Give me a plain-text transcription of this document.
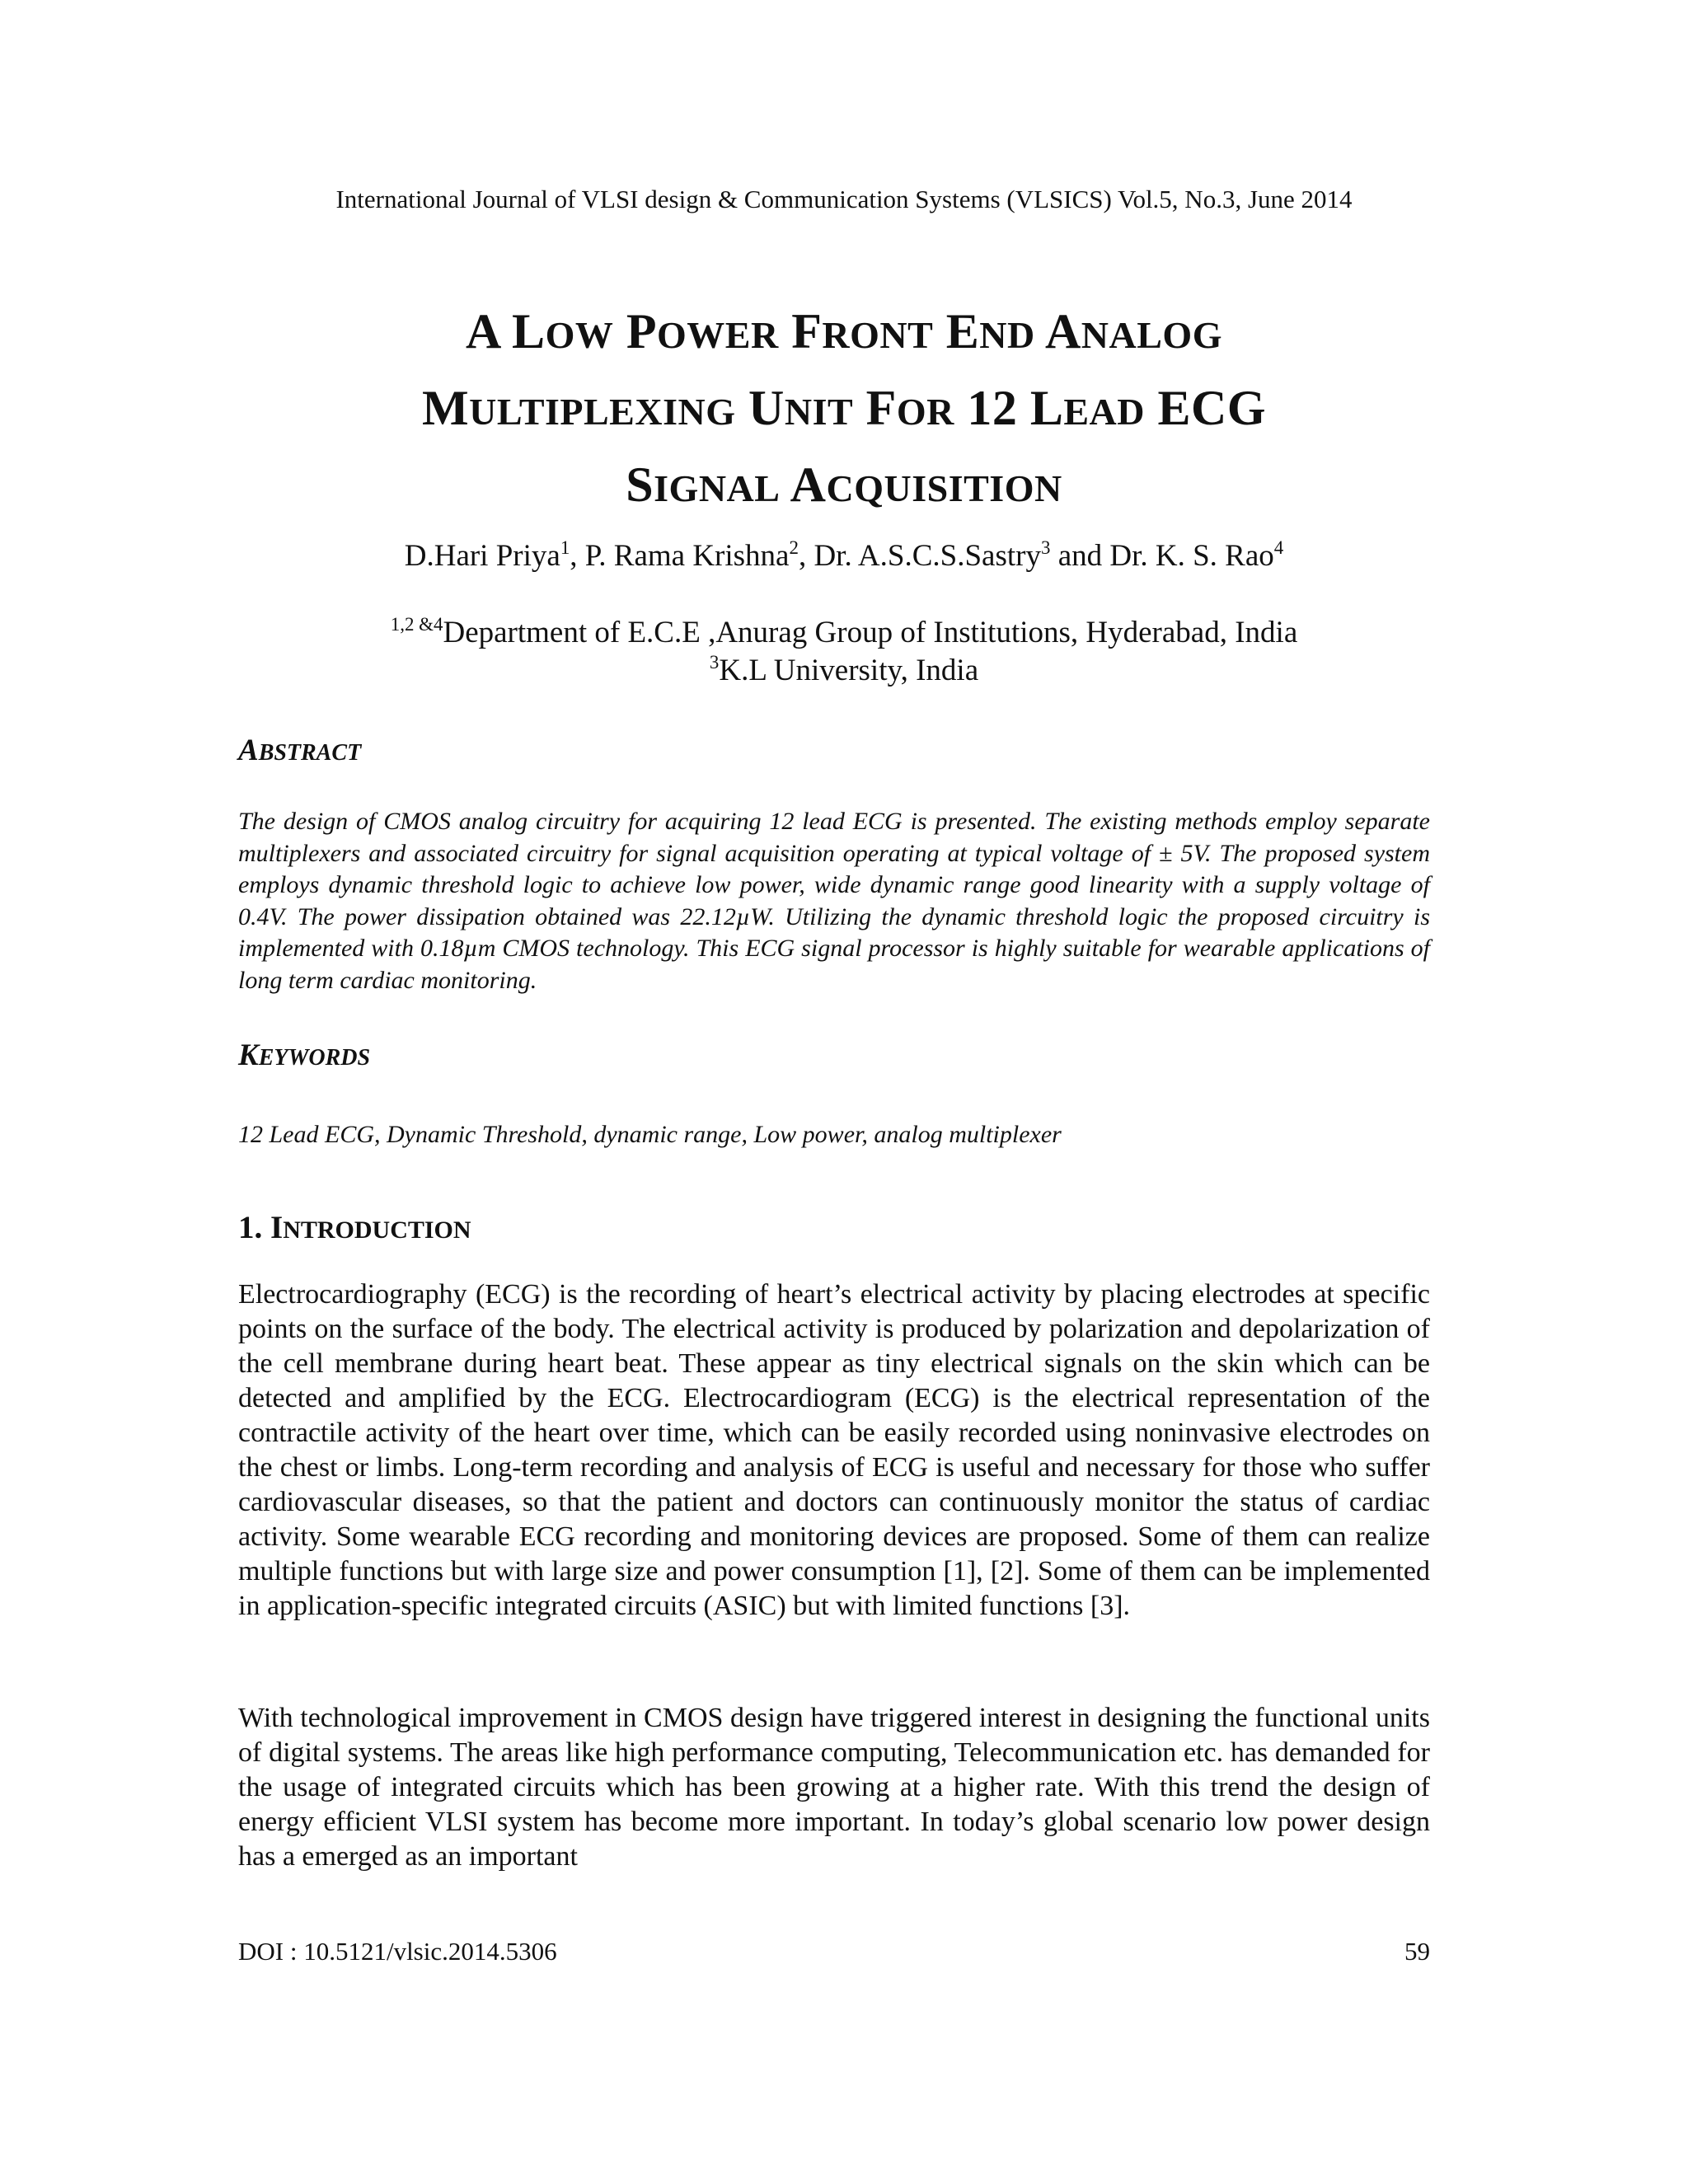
International Journal of VLSI design & Communication Systems (VLSICS) Vol.5, No.3, June 2014
A LOW POWER FRONT END ANALOG
MULTIPLEXING UNIT FOR 12 LEAD ECG
SIGNAL ACQUISITION
D.Hari Priya$^1$, P. Rama Krishna$^2$, Dr. A.S.C.S.Sastry$^3$ and Dr. K. S. Rao$^4$
$^{1,2 \&4}$Department of E.C.E ,Anurag Group of Institutions, Hyderabad, India
$^3$K.L University, India
ABSTRACT

The design of CMOS analog circuitry for acquiring 12 lead ECG is presented. The existing methods employ separate multiplexers and associated circuitry for signal acquisition operating at typical voltage of ± 5V. The proposed system employs dynamic threshold logic to achieve low power, wide dynamic range good linearity with a supply voltage of 0.4V. The power dissipation obtained was 22.12µW. Utilizing the dynamic threshold logic the proposed circuitry is implemented with 0.18µm CMOS technology. This ECG signal processor is highly suitable for wearable applications of long term cardiac monitoring.

KEYWORDS

12 Lead ECG, Dynamic Threshold, dynamic range, Low power, analog multiplexer

1. INTRODUCTION

Electrocardiography (ECG) is the recording of heart’s electrical activity by placing electrodes at specific points on the surface of the body. The electrical activity is produced by polarization and depolarization of the cell membrane during heart beat. These appear as tiny electrical signals on the skin which can be detected and amplified by the ECG. Electrocardiogram (ECG) is the electrical representation of the contractile activity of the heart over time, which can be easily recorded using noninvasive electrodes on the chest or limbs. Long-term recording and analysis of ECG is useful and necessary for those who suffer cardiovascular diseases, so that the patient and doctors can continuously monitor the status of cardiac activity. Some wearable ECG recording and monitoring devices are proposed. Some of them can realize multiple functions but with large size and power consumption [1], [2]. Some of them can be implemented in application-specific integrated circuits (ASIC) but with limited functions [3].

With technological improvement in CMOS design have triggered interest in designing the functional units of digital systems. The areas like high performance computing, Telecommunication etc. has demanded for the usage of integrated circuits which has been growing at a higher rate. With this trend the design of energy efficient VLSI system has become more important. In today’s global scenario low power design has a emerged as an important

DOI : 10.5121/vlsic.2014.5306	59
